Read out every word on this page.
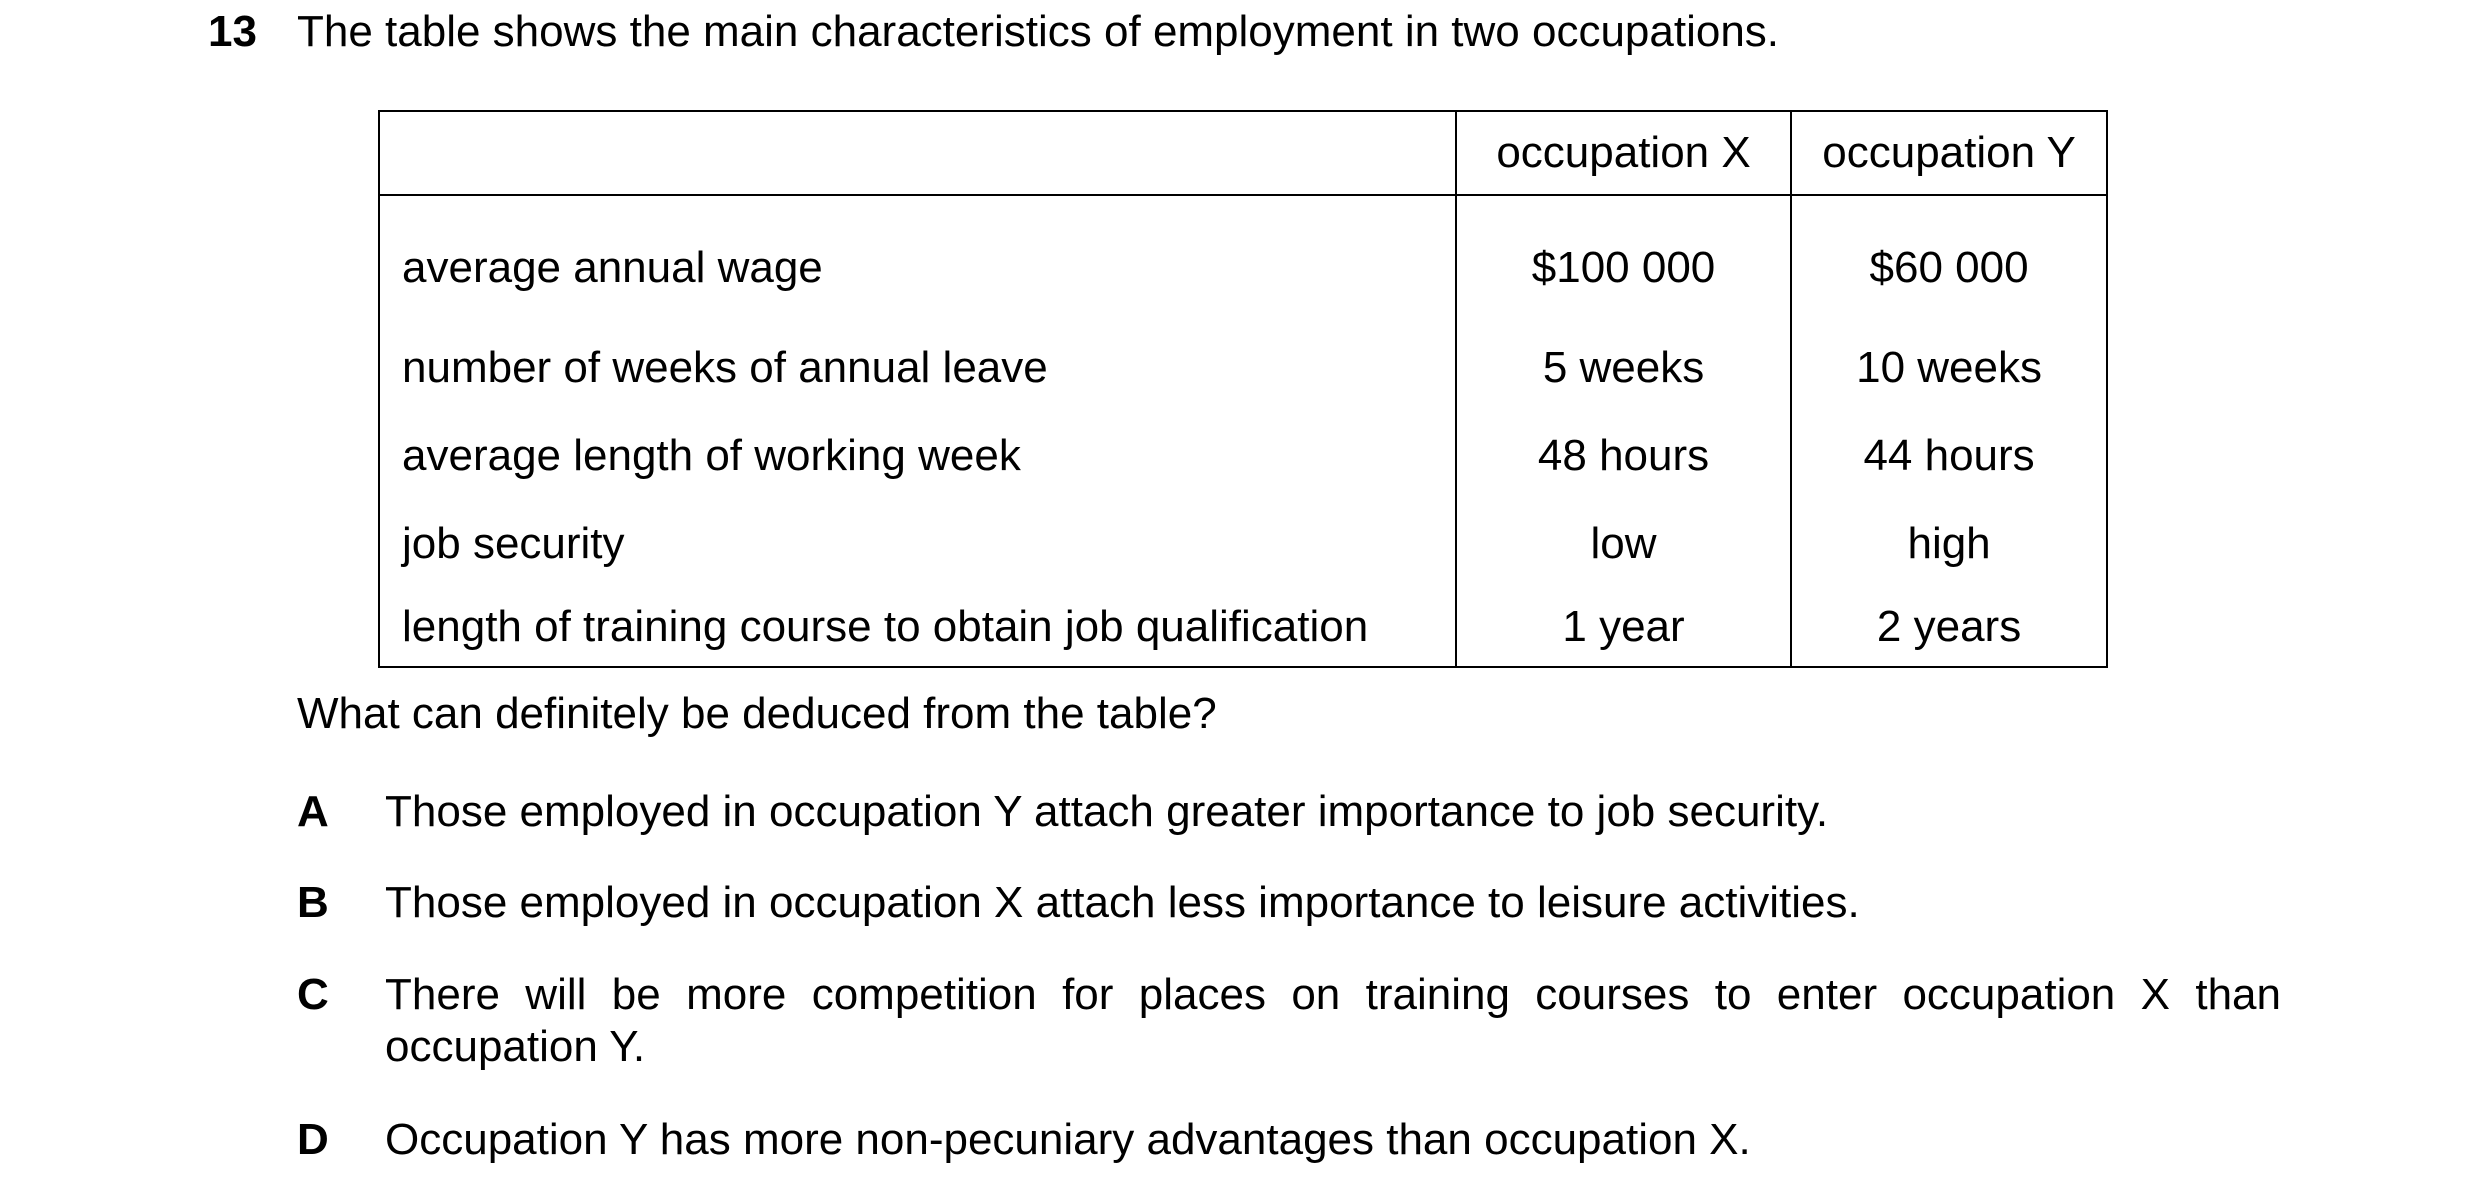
13 The table shows the main characteristics of employment in two occupations.
	occupation X	occupation Y
average annual wage	$100 000	$60 000
number of weeks of annual leave	5 weeks	10 weeks
average length of working week	48 hours	44 hours
job security	low	high
length of training course to obtain job qualification	1 year	2 years
What can definitely be deduced from the table?
A Those employed in occupation Y attach greater importance to job security.
B Those employed in occupation X attach less importance to leisure activities.
C There will be more competition for places on training courses to enter occupation X than occupation Y.
D Occupation Y has more non-pecuniary advantages than occupation X.
